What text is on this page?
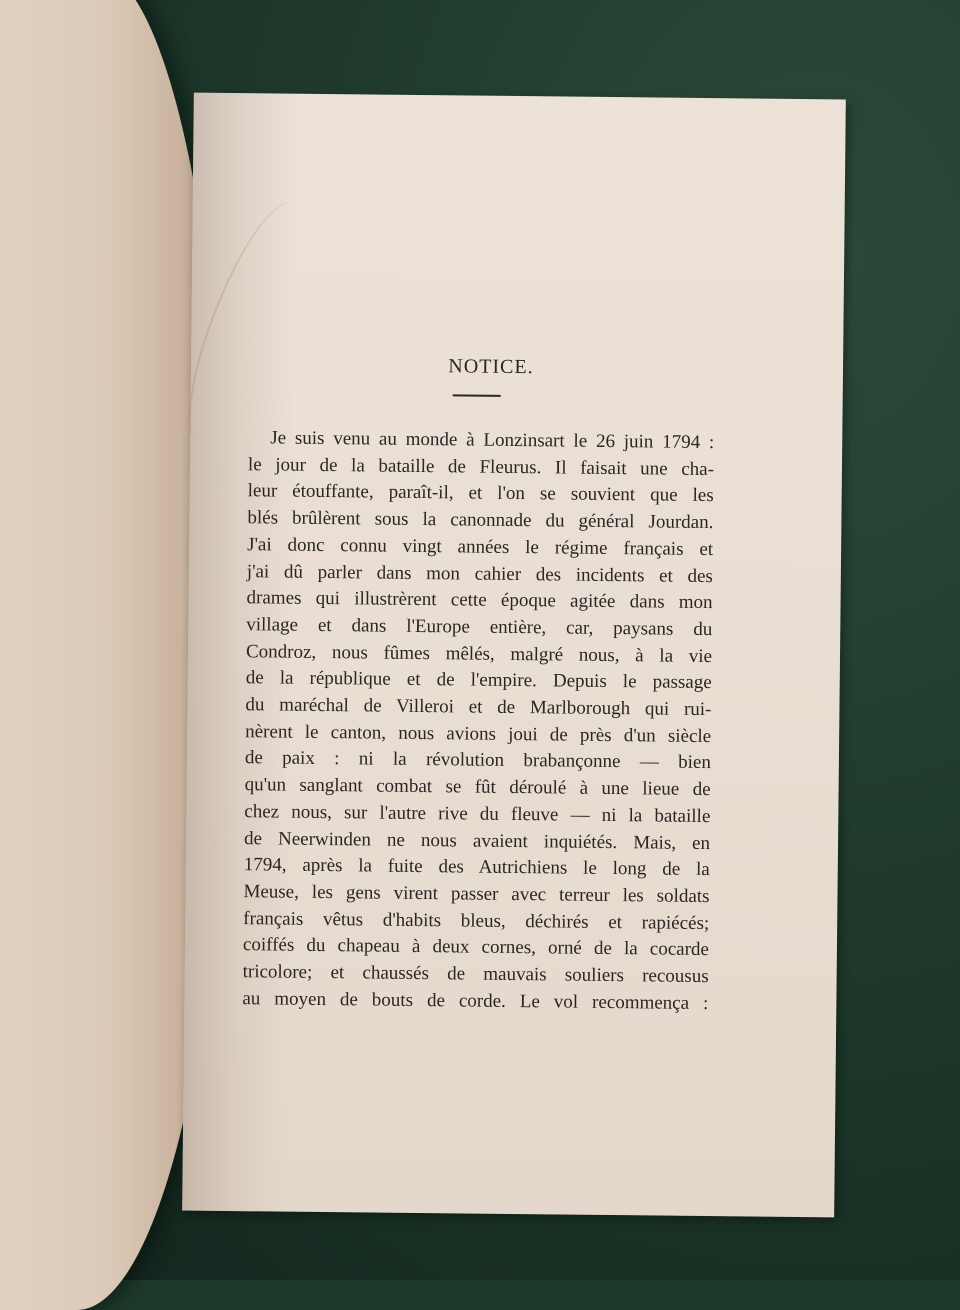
NOTICE.
Je suis venu au monde à Lonzinsart le 26 juin 1794 :
le jour de la bataille de Fleurus. Il faisait une cha-
leur étouffante, paraît-il, et l'on se souvient que les
blés brûlèrent sous la canonnade du général Jourdan.
J'ai donc connu vingt années le régime français et
j'ai dû parler dans mon cahier des incidents et des
drames qui illustrèrent cette époque agitée dans mon
village et dans l'Europe entière, car, paysans du
Condroz, nous fûmes mêlés, malgré nous, à la vie
de la république et de l'empire. Depuis le passage
du maréchal de Villeroi et de Marlborough qui rui-
nèrent le canton, nous avions joui de près d'un siècle
de paix : ni la révolution brabançonne — bien
qu'un sanglant combat se fût déroulé à une lieue de
chez nous, sur l'autre rive du fleuve — ni la bataille
de Neerwinden ne nous avaient inquiétés. Mais, en
1794, après la fuite des Autrichiens le long de la
Meuse, les gens virent passer avec terreur les soldats
français vêtus d'habits bleus, déchirés et rapiécés;
coiffés du chapeau à deux cornes, orné de la cocarde
tricolore; et chaussés de mauvais souliers recousus
au moyen de bouts de corde. Le vol recommença :
